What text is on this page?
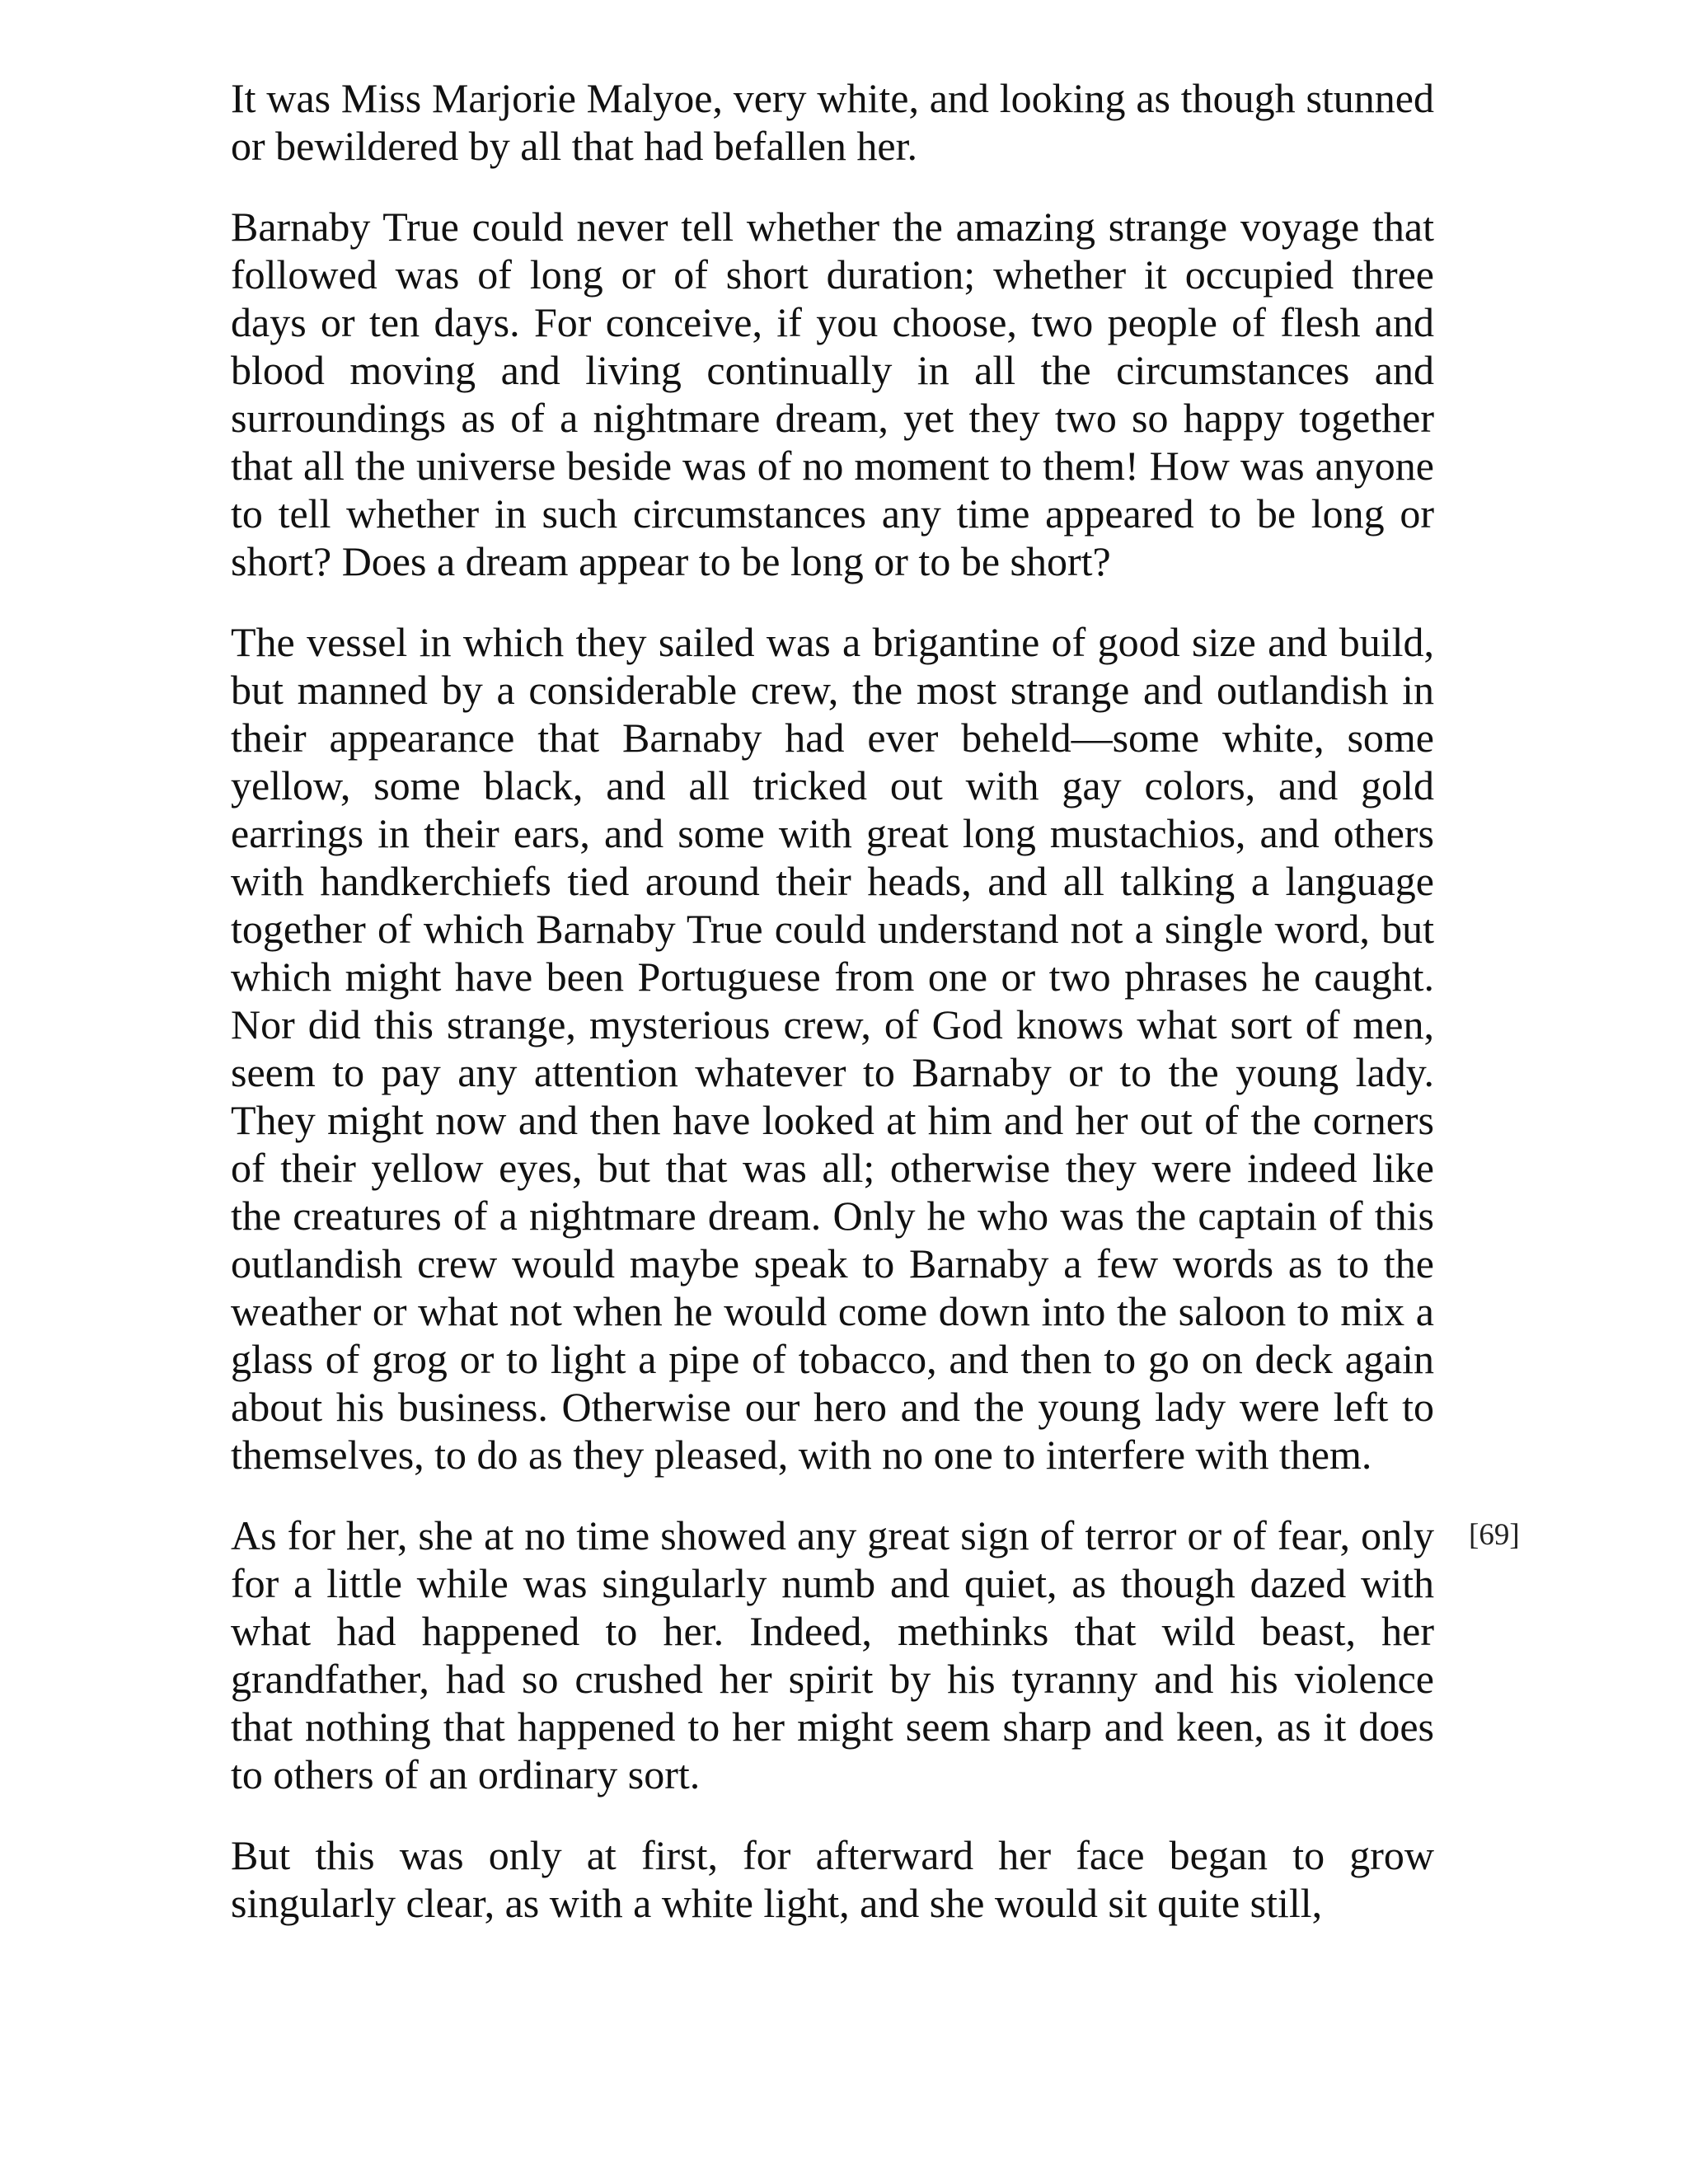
It was Miss Marjorie Malyoe, very white, and looking as though stunned or bewildered by all that had befallen her.

Barnaby True could never tell whether the amazing strange voyage that followed was of long or of short duration; whether it occupied three days or ten days. For conceive, if you choose, two people of flesh and blood moving and living continually in all the circumstances and surroundings as of a nightmare dream, yet they two so happy together that all the universe beside was of no moment to them! How was anyone to tell whether in such circumstances any time appeared to be long or short? Does a dream appear to be long or to be short?

The vessel in which they sailed was a brigantine of good size and build, but manned by a considerable crew, the most strange and outlandish in their appearance that Barnaby had ever beheld—some white, some yellow, some black, and all tricked out with gay colors, and gold earrings in their ears, and some with great long mustachios, and others with handkerchiefs tied around their heads, and all talking a language together of which Barnaby True could understand not a single word, but which might have been Portuguese from one or two phrases he caught. Nor did this strange, mysterious crew, of God knows what sort of men, seem to pay any attention whatever to Barnaby or to the young lady. They might now and then have looked at him and her out of the corners of their yellow eyes, but that was all; otherwise they were indeed like the creatures of a nightmare dream. Only he who was the captain of this outlandish crew would maybe speak to Barnaby a few words as to the weather or what not when he would come down into the saloon to mix a glass of grog or to light a pipe of tobacco, and then to go on deck again about his business. Otherwise our hero and the young lady were left to themselves, to do as they pleased, with no one to interfere with them.

As for her, she at no time showed any great sign of terror or of fear, only for a little while was singularly numb and quiet, as though dazed with what had happened to her. Indeed, methinks that wild beast, her grandfather, had so crushed her spirit by his tyranny and his violence that nothing that happened to her might seem sharp and keen, as it does to others of an ordinary sort.

But this was only at first, for afterward her face began to grow singularly clear, as with a white light, and she would sit quite still,

[69]
